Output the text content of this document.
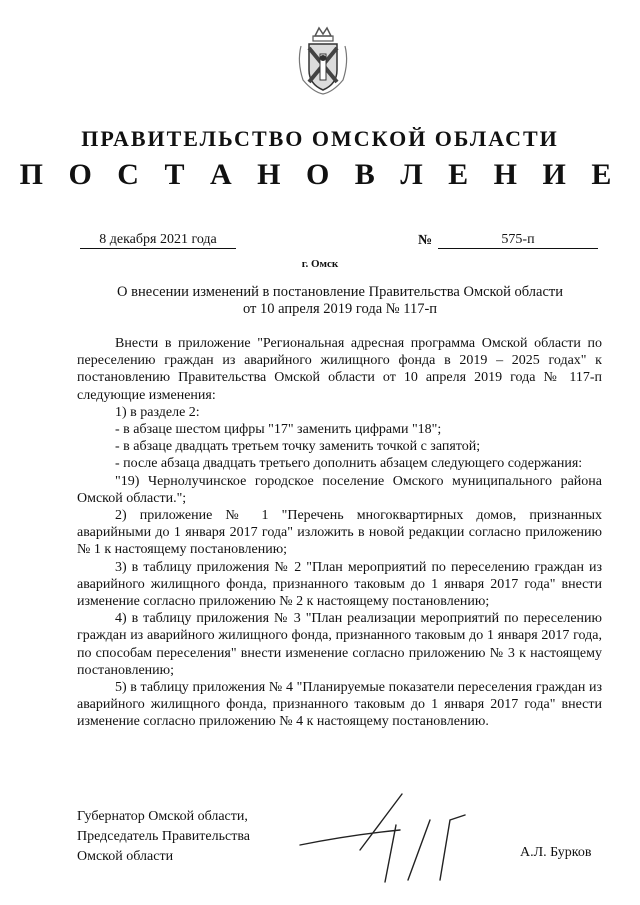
ПРАВИТЕЛЬСТВО ОМСКОЙ ОБЛАСТИ
П О С Т А Н О В Л Е Н И Е
8 декабря 2021 года	№	575-п
г. Омск
О внесении изменений в постановление Правительства Омской области
от 10 апреля 2019 года № 117-п

Внести в приложение "Региональная адресная программа Омской области по переселению граждан из аварийного жилищного фонда в 2019 – 2025 годах" к постановлению Правительства Омской области от 10 апреля 2019 года № 117-п следующие изменения:

1) в разделе 2:

- в абзаце шестом цифры "17" заменить цифрами "18";

- в абзаце двадцать третьем точку заменить точкой с запятой;

- после абзаца двадцать третьего дополнить абзацем следующего содержания:

"19) Чернолучинское городское поселение Омского муниципального района Омской области.";

2) приложение № 1 "Перечень многоквартирных домов, признанных аварийными до 1 января 2017 года" изложить в новой редакции согласно приложению № 1 к настоящему постановлению;

3) в таблицу приложения № 2 "План мероприятий по переселению граждан из аварийного жилищного фонда, признанного таковым до 1 января 2017 года" внести изменение согласно приложению № 2 к настоящему постановлению;

4) в таблицу приложения № 3 "План реализации мероприятий по переселению граждан из аварийного жилищного фонда, признанного таковым до 1 января 2017 года, по способам переселения" внести изменение согласно приложению № 3 к настоящему постановлению;

5) в таблицу приложения № 4 "Планируемые показатели переселения граждан из аварийного жилищного фонда, признанного таковым до 1 января 2017 года" внести изменение согласно приложению № 4 к настоящему постановлению.

Губернатор Омской области,
Председатель Правительства
Омской области	А.Л. Бурков
